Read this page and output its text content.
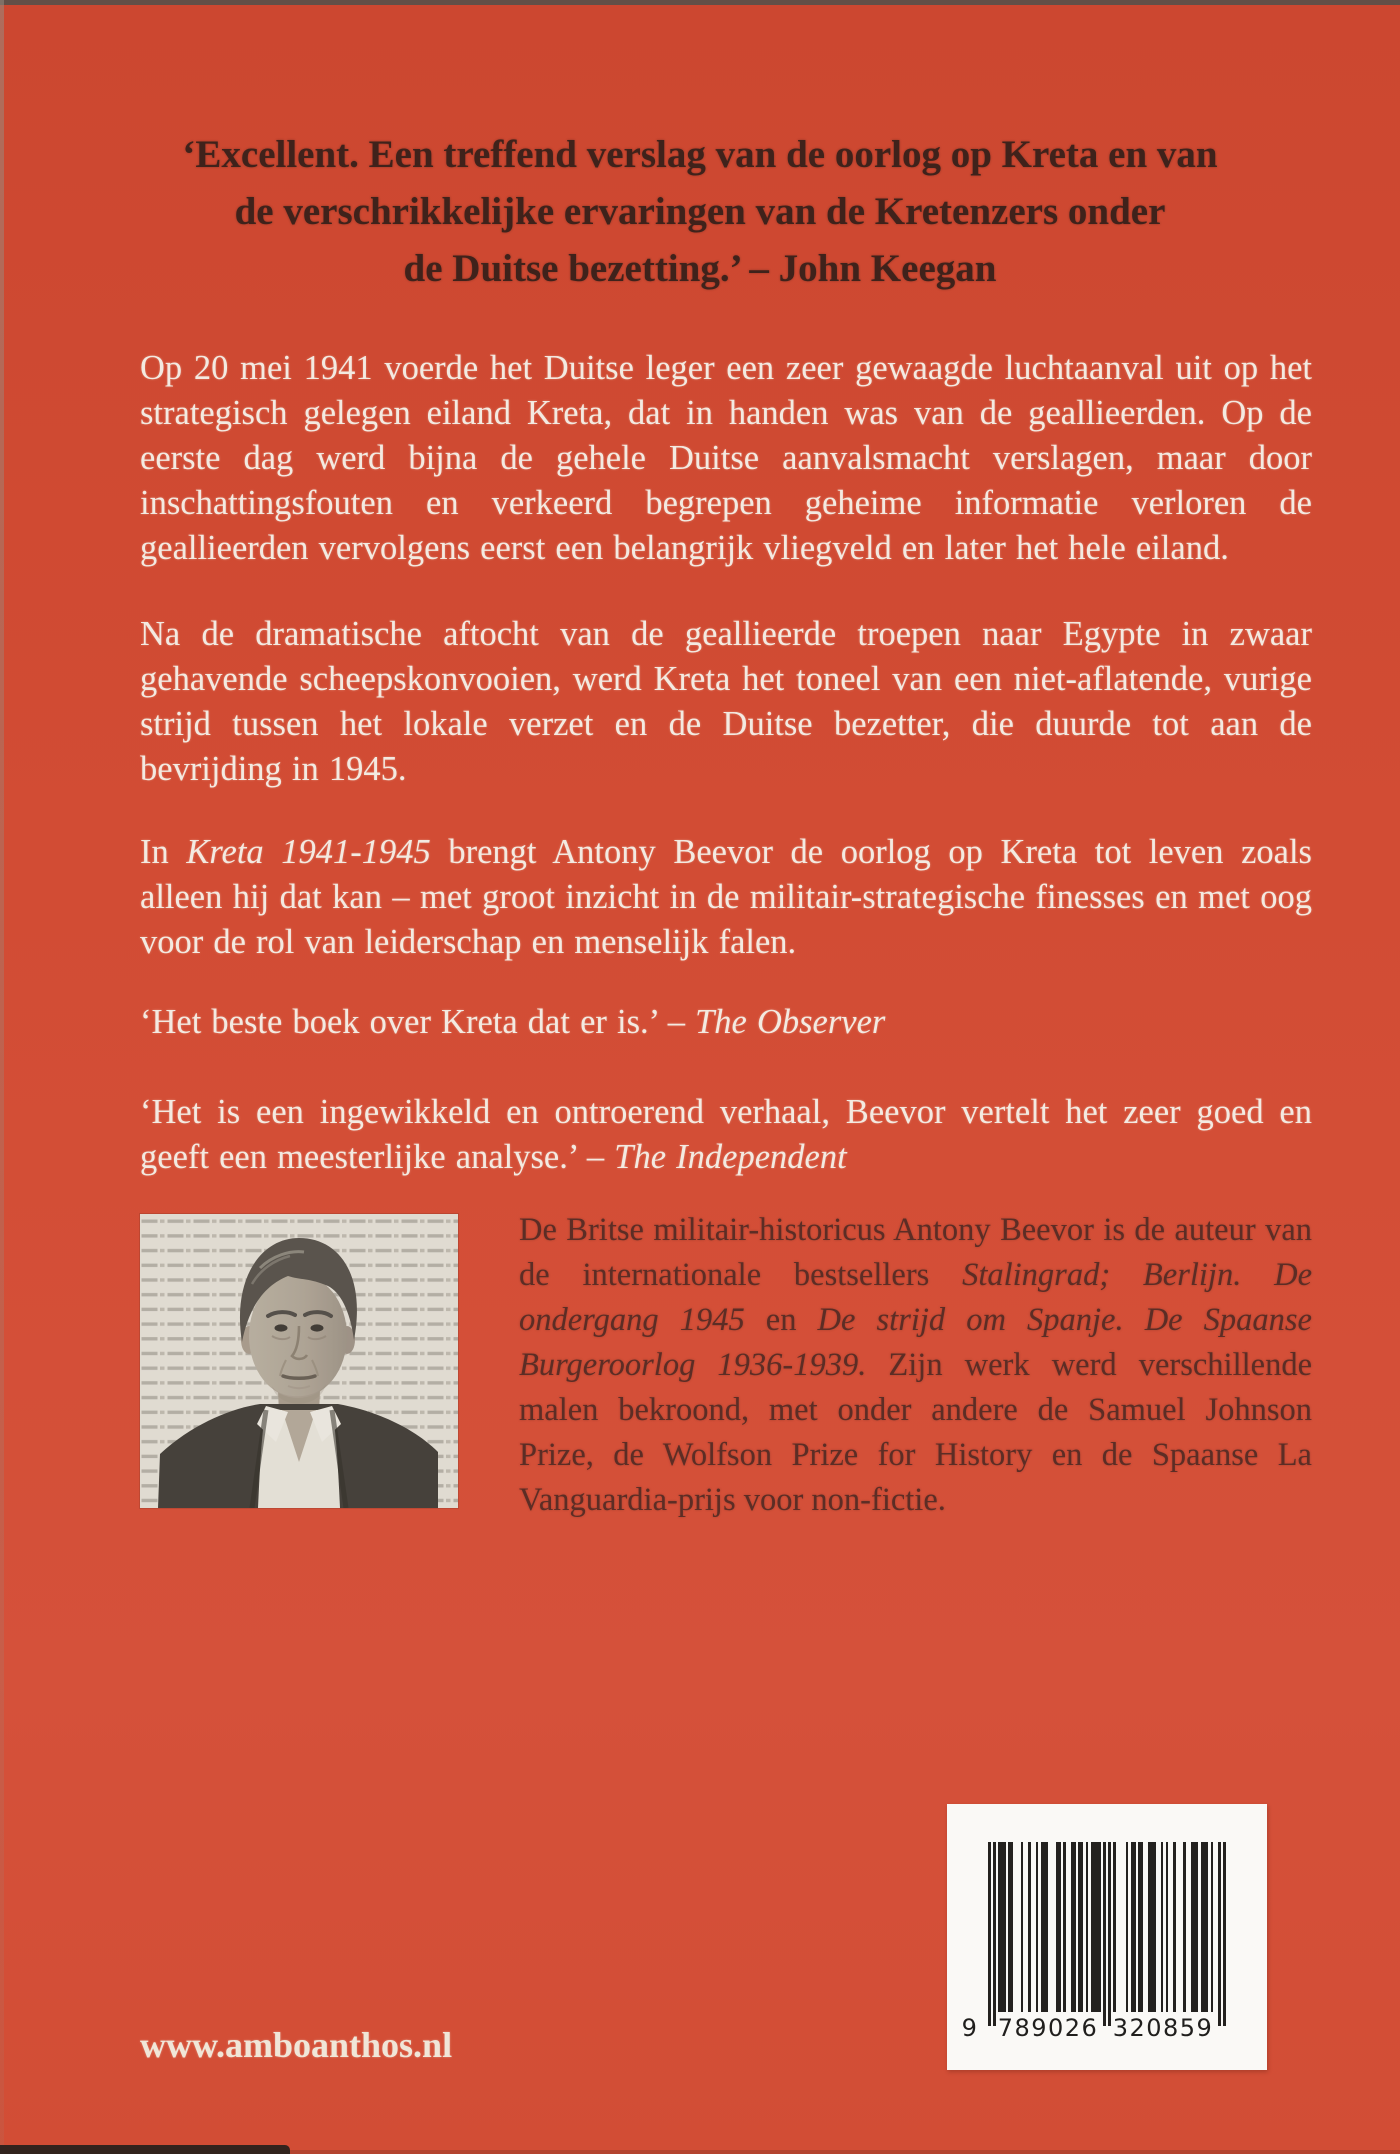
‘Excellent. Een treffend verslag van de oorlog op Kreta en van
de verschrikkelijke ervaringen van de Kretenzers onder
de Duitse bezetting.’ – John Keegan

Op 20 mei 1941 voerde het Duitse leger een zeer gewaagde luchtaanval uit op het strategisch gelegen eiland Kreta, dat in handen was van de geallieerden. Op de eerste dag werd bijna de gehele Duitse aanvalsmacht verslagen, maar door inschattingsfouten en verkeerd begrepen geheime informatie verloren de geallieerden vervolgens eerst een belangrijk vliegveld en later het hele eiland.

Na de dramatische aftocht van de geallieerde troepen naar Egypte in zwaar gehavende scheepskonvooien, werd Kreta het toneel van een niet-aflatende, vurige strijd tussen het lokale verzet en de Duitse bezetter, die duurde tot aan de bevrijding in 1945.

In Kreta 1941-1945 brengt Antony Beevor de oorlog op Kreta tot leven zoals alleen hij dat kan – met groot inzicht in de militair-strategische finesses en met oog voor de rol van leiderschap en menselijk falen.

‘Het beste boek over Kreta dat er is.’ – The Observer

‘Het is een ingewikkeld en ontroerend verhaal, Beevor vertelt het zeer goed en geeft een meesterlijke analyse.’ – The Independent

De Britse militair-historicus Antony Beevor is de auteur van de internationale bestsellers Stalingrad; Berlijn. De ondergang 1945 en De strijd om Spanje. De Spaanse Burgeroorlog 1936-1939. Zijn werk werd verschillende malen bekroond, met onder andere de Samuel Johnson Prize, de Wolfson Prize for History en de Spaanse La Vanguardia-prijs voor non-fictie.
www.amboanthos.nl	9 789026 320859
